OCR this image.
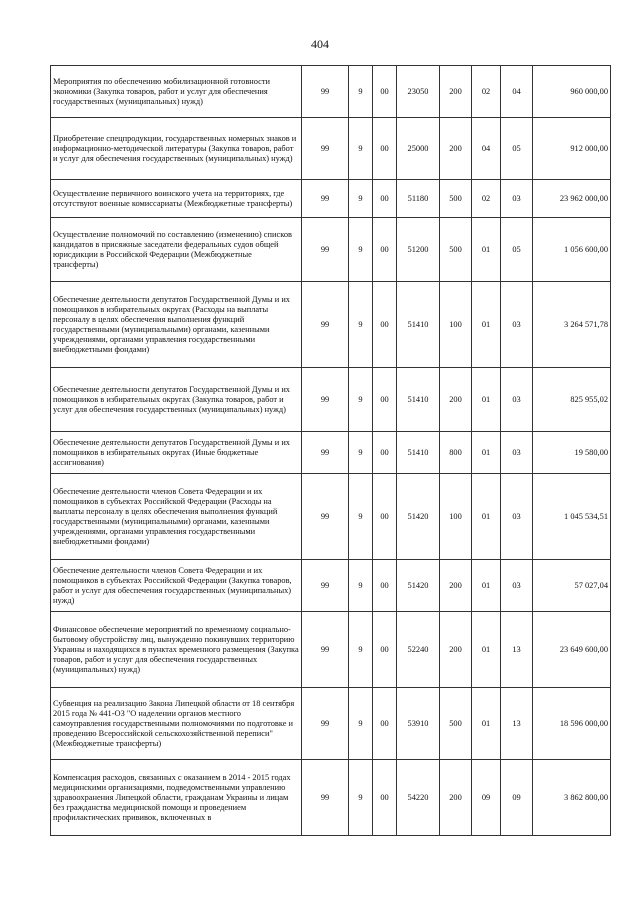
404
Мероприятия по обеспечению мобилизационной готовности экономики (Закупка товаров, работ и услуг для обеспечения государственных (муниципальных) нужд)	99	9	00	23050	200	02	04	960 000,00
Приобретение спецпродукции, государственных номерных знаков и информационно-методической литературы (Закупка товаров, работ и услуг для обеспечения государственных (муниципальных) нужд)	99	9	00	25000	200	04	05	912 000,00
Осуществление первичного воинского учета на территориях, где отсутствуют военные комиссариаты (Межбюджетные трансферты)	99	9	00	51180	500	02	03	23 962 000,00
Осуществление полномочий по составлению (изменению) списков кандидатов в присяжные заседатели федеральных судов общей юрисдикции в Российской Федерации (Межбюджетные трансферты)	99	9	00	51200	500	01	05	1 056 600,00
Обеспечение деятельности депутатов Государственной Думы и их помощников в избирательных округах (Расходы на выплаты персоналу в целях обеспечения выполнения функций государственными (муниципальными) органами, казенными учреждениями, органами управления государственными внебюджетными фондами)	99	9	00	51410	100	01	03	3 264 571,78
Обеспечение деятельности депутатов Государственной Думы и их помощников в избирательных округах (Закупка товаров, работ и услуг для обеспечения государственных (муниципальных) нужд)	99	9	00	51410	200	01	03	825 955,02
Обеспечение деятельности депутатов Государственной Думы и их помощников в избирательных округах (Иные бюджетные ассигнования)	99	9	00	51410	800	01	03	19 580,00
Обеспечение деятельности членов Совета Федерации и их помощников в субъектах Российской Федерации (Расходы на выплаты персоналу в целях обеспечения выполнения функций государственными (муниципальными) органами, казенными учреждениями, органами управления государственными внебюджетными фондами)	99	9	00	51420	100	01	03	1 045 534,51
Обеспечение деятельности членов Совета Федерации и их помощников в субъектах Российской Федерации (Закупка товаров, работ и услуг для обеспечения государственных (муниципальных) нужд)	99	9	00	51420	200	01	03	57 027,04
Финансовое обеспечение мероприятий по временному социально-бытовому обустройству лиц, вынужденно покинувших территорию Украины и находящихся в пунктах временного размещения (Закупка товаров, работ и услуг для обеспечения государственных (муниципальных) нужд)	99	9	00	52240	200	01	13	23 649 600,00
Субвенция на реализацию Закона Липецкой области от 18 сентября 2015 года № 441-ОЗ "О наделении органов местного самоуправления государственными полномочиями по подготовке и проведению Всероссийской сельскохозяйственной переписи" (Межбюджетные трансферты)	99	9	00	53910	500	01	13	18 596 000,00
Компенсация расходов, связанных с оказанием в 2014 - 2015 годах медицинскими организациями, подведомственными управлению здравоохранения Липецкой области, гражданам Украины и лицам без гражданства медицинской помощи и проведением профилактических прививок, включенных в	99	9	00	54220	200	09	09	3 862 800,00
